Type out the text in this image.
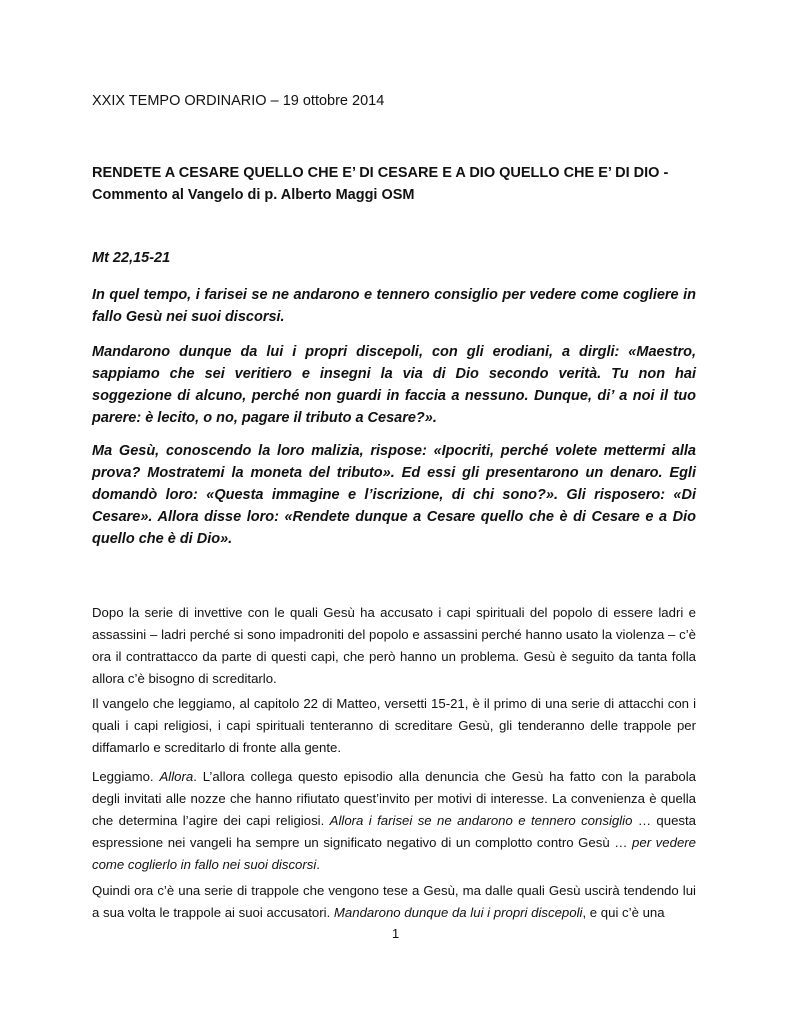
XXIX TEMPO ORDINARIO – 19 ottobre 2014

RENDETE A CESARE QUELLO CHE E’ DI CESARE E A DIO QUELLO CHE E’ DI DIO - Commento al Vangelo di p. Alberto Maggi OSM

Mt 22,15-21

In quel tempo, i farisei se ne andarono e tennero consiglio per vedere come cogliere in fallo Gesù nei suoi discorsi.

Mandarono dunque da lui i propri discepoli, con gli erodiani, a dirgli: «Maestro, sappiamo che sei veritiero e insegni la via di Dio secondo verità. Tu non hai soggezione di alcuno, perché non guardi in faccia a nessuno. Dunque, di’ a noi il tuo parere: è lecito, o no, pagare il tributo a Cesare?».

Ma Gesù, conoscendo la loro malizia, rispose: «Ipocriti, perché volete mettermi alla prova? Mostratemi la moneta del tributo». Ed essi gli presentarono un denaro. Egli domandò loro: «Questa immagine e l’iscrizione, di chi sono?». Gli risposero: «Di Cesare». Allora disse loro: «Rendete dunque a Cesare quello che è di Cesare e a Dio quello che è di Dio».

Dopo la serie di invettive con le quali Gesù ha accusato i capi spirituali del popolo di essere ladri e assassini – ladri perché si sono impadroniti del popolo e assassini perché hanno usato la violenza – c’è ora il contrattacco da parte di questi capi, che però hanno un problema. Gesù è seguito da tanta folla allora c’è bisogno di screditarlo.

Il vangelo che leggiamo, al capitolo 22 di Matteo, versetti 15-21, è il primo di una serie di attacchi con i quali i capi religiosi, i capi spirituali tenteranno di screditare Gesù, gli tenderanno delle trappole per diffamarlo e screditarlo di fronte alla gente.

Leggiamo. Allora. L’allora collega questo episodio alla denuncia che Gesù ha fatto con la parabola degli invitati alle nozze che hanno rifiutato quest’invito per motivi di interesse. La convenienza è quella che determina l’agire dei capi religiosi. Allora i farisei se ne andarono e tennero consiglio … questa espressione nei vangeli ha sempre un significato negativo di un complotto contro Gesù … per vedere come coglierlo in fallo nei suoi discorsi.

Quindi ora c’è una serie di trappole che vengono tese a Gesù, ma dalle quali Gesù uscirà tendendo lui a sua volta le trappole ai suoi accusatori. Mandarono dunque da lui i propri discepoli, e qui c’è una

1
